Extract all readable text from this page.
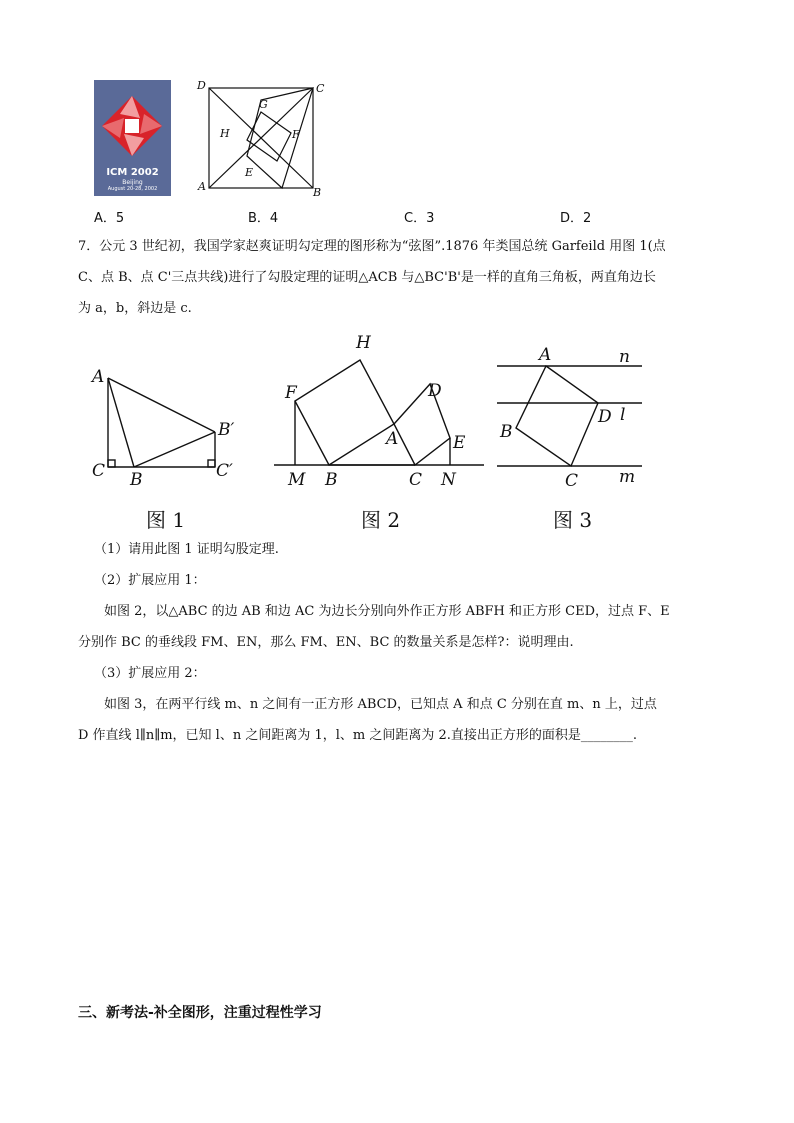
ICM 2002
Beijing
August 20-28, 2002
D	C
G
H	F
E
A	B
A．5	B．4	C．3	D．2
7．公元 3 世纪初，我国学家赵爽证明勾定理的图形称为“弦图”.1876 年类国总统 Garfeild 用图 1(点
C、点 B、点 C'三点共线)进行了勾股定理的证明△ACB 与△BC'B'是一样的直角三角板，两直角边长
为 a，b，斜边是 c.
A
B′
C B	C′
图 1
H
F	D
A	E
M B	C N
图 2
A	n
D l
B
C m
图 3
（1）请用此图 1 证明勾股定理.
（2）扩展应用 1：
如图 2，以△ABC 的边 AB 和边 AC 为边长分别向外作正方形 ABFH 和正方形 CED，过点 F、E
分别作 BC 的垂线段 FM、EN，那么 FM、EN、BC 的数量关系是怎样?：说明理由.
（3）扩展应用 2：
如图 3，在两平行线 m、n 之间有一正方形 ABCD，已知点 A 和点 C 分别在直 m、n 上，过点
D 作直线 l∥n∥m，已知 l、n 之间距离为 1，l、m 之间距离为 2.直接出正方形的面积是________.
三、新考法-补全图形，注重过程性学习
